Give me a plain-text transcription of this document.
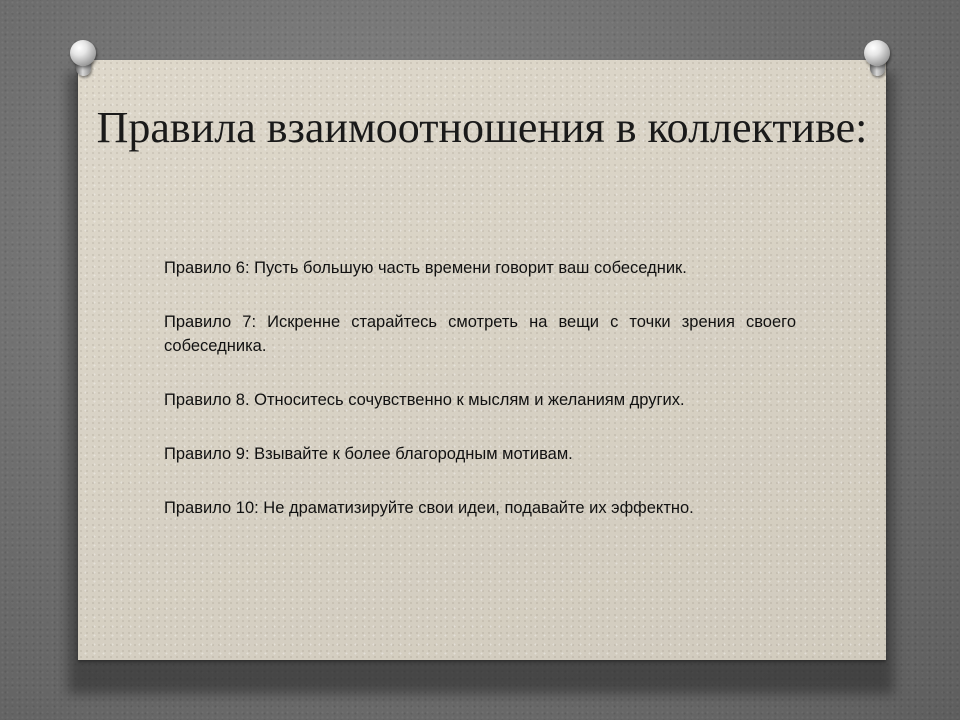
Правила взаимоотношения в коллективе:
Правило 6: Пусть большую часть времени говорит ваш собеседник.
Правило 7: Искренне старайтесь смотреть на вещи с точки зрения своего собеседника.
Правило 8. Относитесь сочувственно к мыслям и желаниям других.
Правило 9: Взывайте к более благородным мотивам.
Правило 10: Не драматизируйте свои идеи, подавайте их эффектно.
